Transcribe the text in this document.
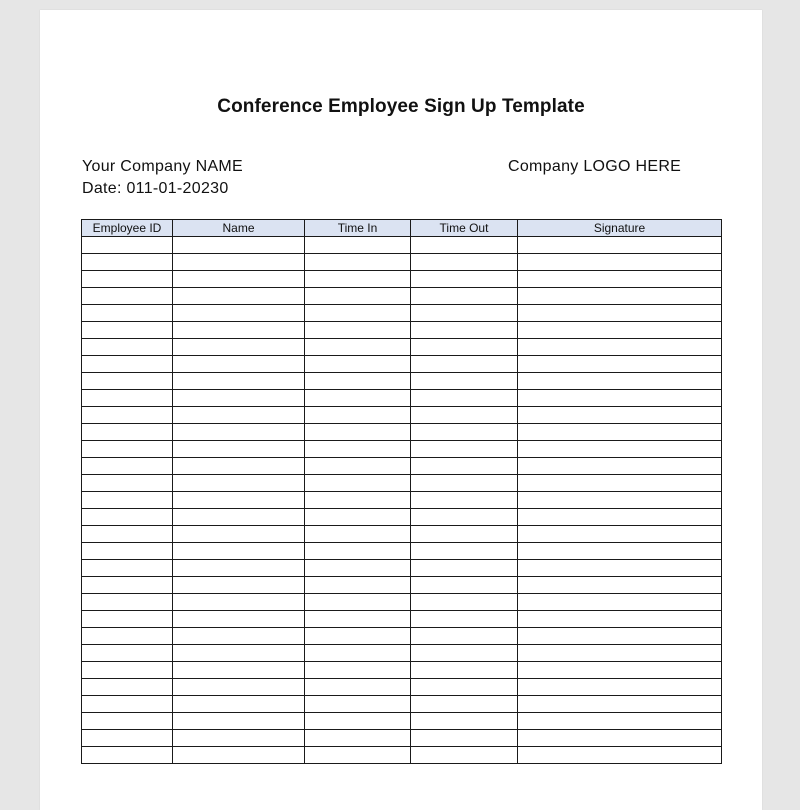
Conference Employee Sign Up Template
Your Company NAME
Date: 011-01-20230
Company LOGO HERE
Employee ID	Name	Time In	Time Out	Signature
